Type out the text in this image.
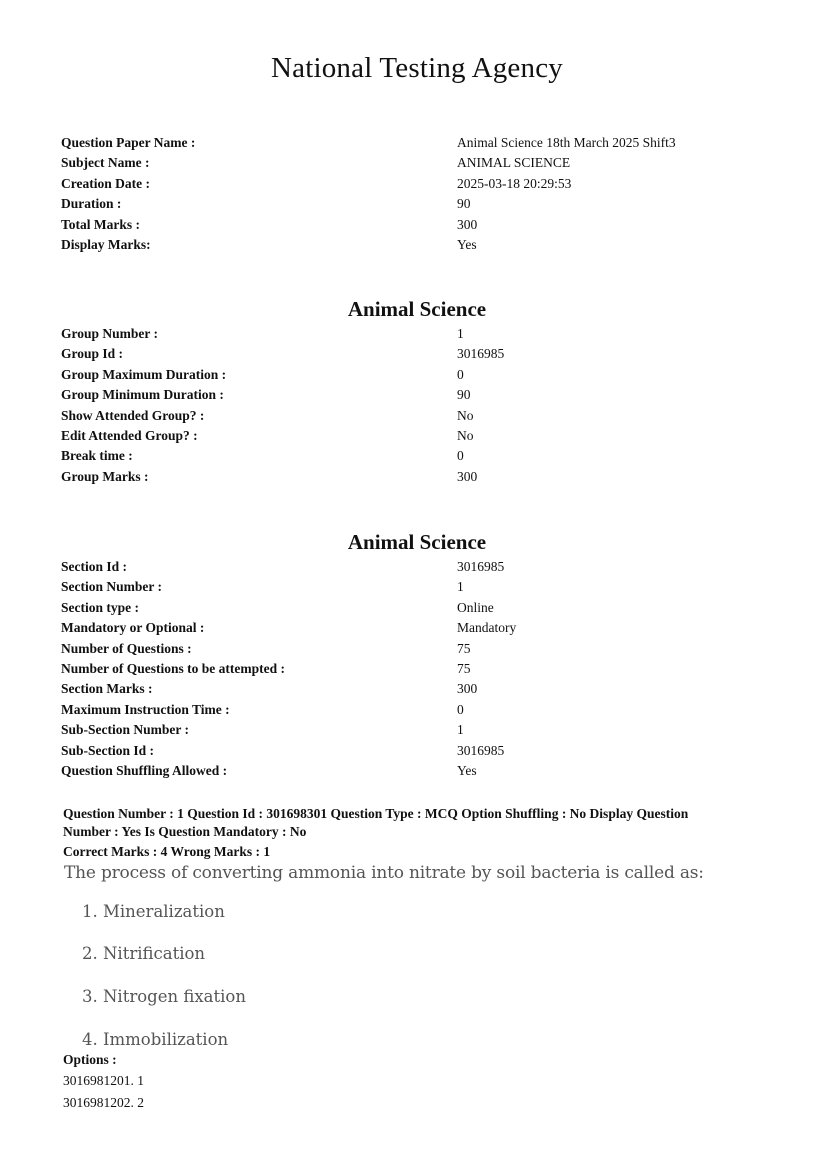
National Testing Agency
Question Paper Name :	Animal Science 18th March 2025 Shift3
Subject Name :	ANIMAL SCIENCE
Creation Date :	2025-03-18 20:29:53
Duration :	90
Total Marks :	300
Display Marks:	Yes
Animal Science
Group Number :	1
Group Id :	3016985
Group Maximum Duration :	0
Group Minimum Duration :	90
Show Attended Group? :	No
Edit Attended Group? :	No
Break time :	0
Group Marks :	300
Animal Science
Section Id :	3016985
Section Number :	1
Section type :	Online
Mandatory or Optional :	Mandatory
Number of Questions :	75
Number of Questions to be attempted :	75
Section Marks :	300
Maximum Instruction Time :	0
Sub-Section Number :	1
Sub-Section Id :	3016985
Question Shuffling Allowed :	Yes

Question Number : 1 Question Id : 301698301 Question Type : MCQ Option Shuffling : No Display Question

Number : Yes Is Question Mandatory : No

Correct Marks : 4 Wrong Marks : 1

The process of converting ammonia into nitrate by soil bacteria is called as:
1. Mineralization
2. Nitrification
3. Nitrogen fixation
4. Immobilization
Options :
3016981201. 1
3016981202. 2
